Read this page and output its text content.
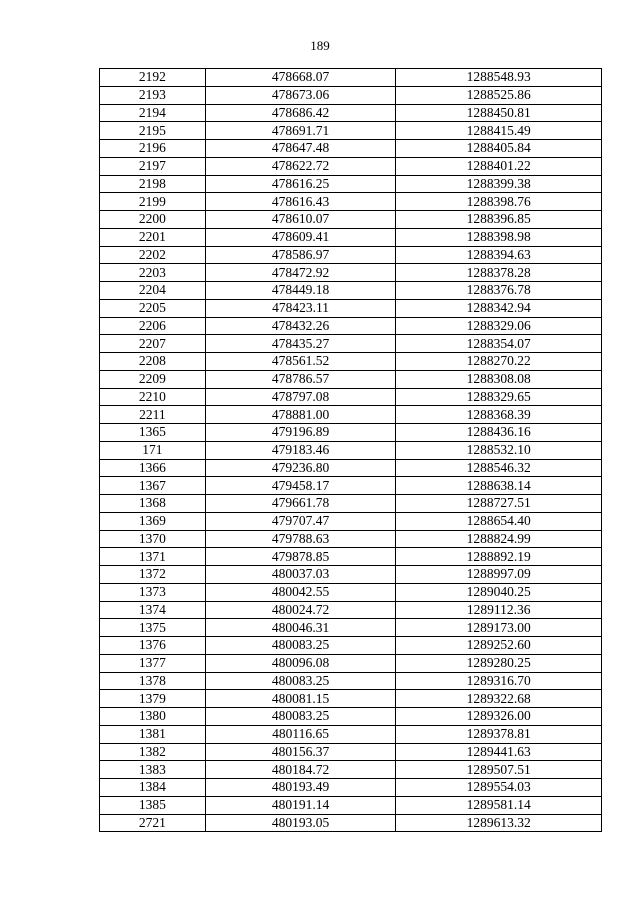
189
2192	478668.07	1288548.93
2193	478673.06	1288525.86
2194	478686.42	1288450.81
2195	478691.71	1288415.49
2196	478647.48	1288405.84
2197	478622.72	1288401.22
2198	478616.25	1288399.38
2199	478616.43	1288398.76
2200	478610.07	1288396.85
2201	478609.41	1288398.98
2202	478586.97	1288394.63
2203	478472.92	1288378.28
2204	478449.18	1288376.78
2205	478423.11	1288342.94
2206	478432.26	1288329.06
2207	478435.27	1288354.07
2208	478561.52	1288270.22
2209	478786.57	1288308.08
2210	478797.08	1288329.65
2211	478881.00	1288368.39
1365	479196.89	1288436.16
171	479183.46	1288532.10
1366	479236.80	1288546.32
1367	479458.17	1288638.14
1368	479661.78	1288727.51
1369	479707.47	1288654.40
1370	479788.63	1288824.99
1371	479878.85	1288892.19
1372	480037.03	1288997.09
1373	480042.55	1289040.25
1374	480024.72	1289112.36
1375	480046.31	1289173.00
1376	480083.25	1289252.60
1377	480096.08	1289280.25
1378	480083.25	1289316.70
1379	480081.15	1289322.68
1380	480083.25	1289326.00
1381	480116.65	1289378.81
1382	480156.37	1289441.63
1383	480184.72	1289507.51
1384	480193.49	1289554.03
1385	480191.14	1289581.14
2721	480193.05	1289613.32
